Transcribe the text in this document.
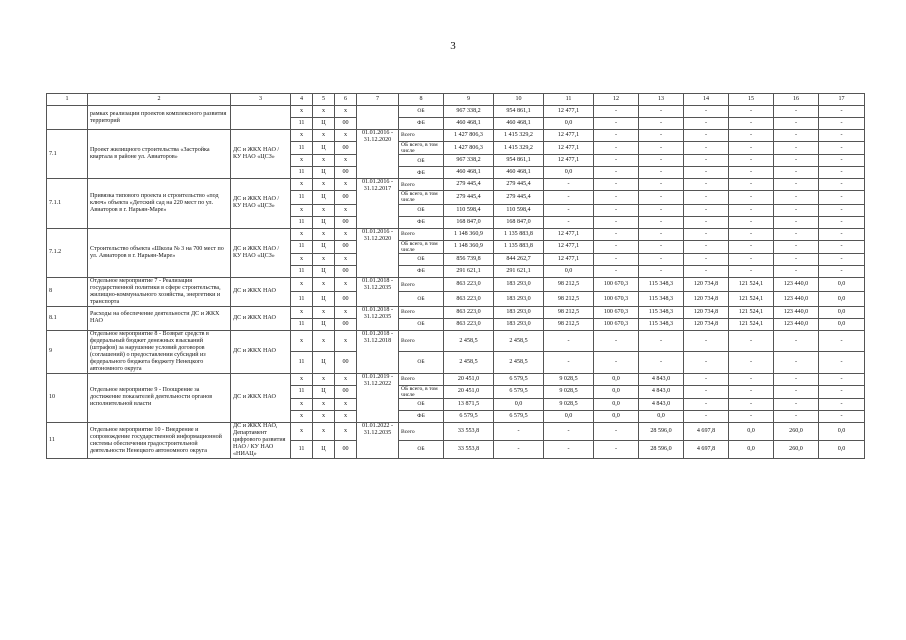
3
1	2	3	4	5	6	7	8	9	10	11	12	13	14	15	16	17
	рамках реализации проектов комплексного развития территорий		х	х	х		ОБ	967 338,2	954 861,1	12 477,1	-	-	-	-	-	-
			11	Ц	00		ФБ	460 468,1	460 468,1	0,0	-	-	-	-	-	-
7.1	Проект жилищного строительства «Застройка квартала в районе ул. Авиаторов»	ДС и ЖКХ НАО / КУ НАО «ЦСЗ»	х	х	х	01.01.2016 - 31.12.2020	Всего	1 427 806,3	1 415 329,2	12 477,1	-	-	-	-	-	-
			11	Ц	00		ОБ всего, в том числе	1 427 806,3	1 415 329,2	12 477,1	-	-	-	-	-	-
			х	х	х		ОБ	967 338,2	954 861,1	12 477,1	-	-	-	-	-	-
			11	Ц	00		ФБ	460 468,1	460 468,1	0,0	-	-	-	-	-	-
7.1.1	Привязка типового проекта и строительство «под ключ» объекта «Детский сад на 220 мест по ул. Авиаторов в г. Нарьян-Маре»	ДС и ЖКХ НАО / КУ НАО «ЦСЗ»	х	х	х	01.01.2016 - 31.12.2017	Всего	279 445,4	279 445,4	-	-	-	-	-	-	-
			11	Ц	00		ОБ всего, в том числе	279 445,4	279 445,4	-	-	-	-	-	-	-
			х	х	х		ОБ	110 598,4	110 598,4	-	-	-	-	-	-	-
			11	Ц	00		ФБ	168 847,0	168 847,0	-	-	-	-	-	-	-
7.1.2	Строительство объекта «Школа № 3 на 700 мест по ул. Авиаторов в г. Нарьян-Маре»	ДС и ЖКХ НАО / КУ НАО «ЦСЗ»	х	х	х	01.01.2016 - 31.12.2020	Всего	1 148 360,9	1 135 883,8	12 477,1	-	-	-	-	-	-
			11	Ц	00		ОБ всего, в том числе	1 148 360,9	1 135 883,8	12 477,1	-	-	-	-	-	-
			х	х	х		ОБ	856 739,8	844 262,7	12 477,1	-	-	-	-	-	-
			11	Ц	00		ФБ	291 621,1	291 621,1	0,0	-	-	-	-	-	-
8	Отдельное мероприятие 7 - Реализация государственной политики в сфере строительства, жилищно-коммунального хозяйства, энергетики и транспорта	ДС и ЖКХ НАО	х	х	х	01.01.2018 - 31.12.2035	Всего	863 223,0	183 293,0	98 212,5	100 670,3	115 348,3	120 734,8	121 524,1	123 440,0	0,0
			11	Ц	00		ОБ	863 223,0	183 293,0	98 212,5	100 670,3	115 348,3	120 734,8	121 524,1	123 440,0	0,0
8.1	Расходы на обеспечение деятельности ДС и ЖКХ НАО	ДС и ЖКХ НАО	х	х	х	01.01.2018 - 31.12.2035	Всего	863 223,0	183 293,0	98 212,5	100 670,3	115 348,3	120 734,8	121 524,1	123 440,0	0,0
			11	Ц	00		ОБ	863 223,0	183 293,0	98 212,5	100 670,3	115 348,3	120 734,8	121 524,1	123 440,0	0,0
9	Отдельное мероприятие 8 - Возврат средств в федеральный бюджет денежных взысканий (штрафов) за нарушение условий договоров (соглашений) о предоставлении субсидий из федерального бюджета бюджету Ненецкого автономного округа	ДС и ЖКХ НАО	х	х	х	01.01.2018 - 31.12.2018	Всего	2 458,5	2 458,5	-	-	-	-	-	-	-
			11	Ц	00		ОБ	2 458,5	2 458,5	-	-	-	-	-	-	-
10	Отдельное мероприятие 9 - Поощрение за достижение показателей деятельности органов исполнительной власти	ДС и ЖКХ НАО	х	х	х	01.01.2019 - 31.12.2022	Всего	20 451,0	6 579,5	9 028,5	0,0	4 843,0	-	-	-	-
			11	Ц	00		ОБ всего, в том числе	20 451,0	6 579,5	9 028,5	0,0	4 843,0	-	-	-	-
			х	х	х		ОБ	13 871,5	0,0	9 028,5	0,0	4 843,0	-	-	-	-
			х	х	х		ФБ	6 579,5	6 579,5	0,0	0,0	0,0	-	-	-	-
11	Отдельное мероприятие 10 - Внедрение и сопровождение государственной информационной системы обеспечения градостроительной деятельности Ненецкого автономного округа	ДС и ЖКХ НАО, Департамент цифрового развития НАО / КУ НАО «НИАЦ»	х	х	х	01.01.2022 - 31.12.2035	Всего	33 553,8	-	-	-	28 596,0	4 697,8	0,0	260,0	0,0
			11	Ц	00		ОБ	33 553,8	-	-	-	28 596,0	4 697,8	0,0	260,0	0,0
